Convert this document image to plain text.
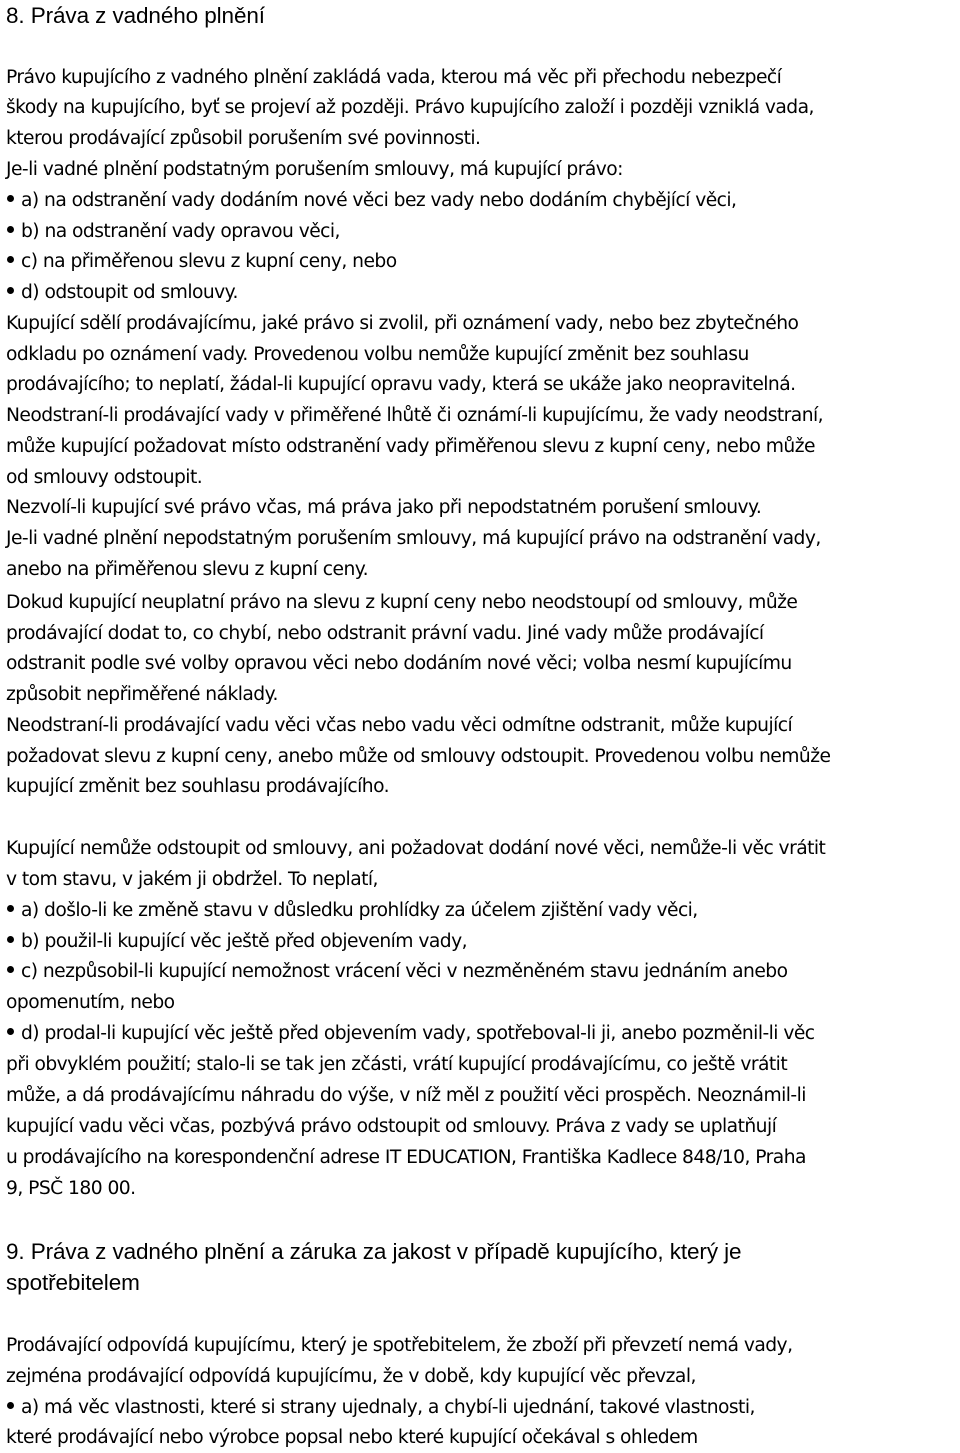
8. Práva z vadného plnění
Právo kupujícího z vadného plnění zakládá vada, kterou má věc při přechodu nebezpečí
škody na kupujícího, byť se projeví až později. Právo kupujícího založí i později vzniklá vada,
kterou prodávající způsobil porušením své povinnosti.
Je-li vadné plnění podstatným porušením smlouvy, má kupující právo:
a) na odstranění vady dodáním nové věci bez vady nebo dodáním chybějící věci,
b) na odstranění vady opravou věci,
c) na přiměřenou slevu z kupní ceny, nebo
d) odstoupit od smlouvy.
Kupující sdělí prodávajícímu, jaké právo si zvolil, při oznámení vady, nebo bez zbytečného
odkladu po oznámení vady. Provedenou volbu nemůže kupující změnit bez souhlasu
prodávajícího; to neplatí, žádal-li kupující opravu vady, která se ukáže jako neopravitelná.
Neodstraní-li prodávající vady v přiměřené lhůtě či oznámí-li kupujícímu, že vady neodstraní,
může kupující požadovat místo odstranění vady přiměřenou slevu z kupní ceny, nebo může
od smlouvy odstoupit.
Nezvolí-li kupující své právo včas, má práva jako při nepodstatném porušení smlouvy.
Je-li vadné plnění nepodstatným porušením smlouvy, má kupující právo na odstranění vady,
anebo na přiměřenou slevu z kupní ceny.
Dokud kupující neuplatní právo na slevu z kupní ceny nebo neodstoupí od smlouvy, může
prodávající dodat to, co chybí, nebo odstranit právní vadu. Jiné vady může prodávající
odstranit podle své volby opravou věci nebo dodáním nové věci; volba nesmí kupujícímu
způsobit nepřiměřené náklady.
Neodstraní-li prodávající vadu věci včas nebo vadu věci odmítne odstranit, může kupující
požadovat slevu z kupní ceny, anebo může od smlouvy odstoupit. Provedenou volbu nemůže
kupující změnit bez souhlasu prodávajícího.
Kupující nemůže odstoupit od smlouvy, ani požadovat dodání nové věci, nemůže-li věc vrátit
v tom stavu, v jakém ji obdržel. To neplatí,
a) došlo-li ke změně stavu v důsledku prohlídky za účelem zjištění vady věci,
b) použil-li kupující věc ještě před objevením vady,
c) nezpůsobil-li kupující nemožnost vrácení věci v nezměněném stavu jednáním anebo
opomenutím, nebo
d) prodal-li kupující věc ještě před objevením vady, spotřeboval-li ji, anebo pozměnil-li věc
při obvyklém použití; stalo-li se tak jen zčásti, vrátí kupující prodávajícímu, co ještě vrátit
může, a dá prodávajícímu náhradu do výše, v níž měl z použití věci prospěch. Neoznámil-li
kupující vadu věci včas, pozbývá právo odstoupit od smlouvy. Práva z vady se uplatňují
u prodávajícího na korespondenční adrese IT EDUCATION, Františka Kadlece 848/10, Praha
9, PSČ 180 00.
9. Práva z vadného plnění a záruka za jakost v případě kupujícího, který je
spotřebitelem
Prodávající odpovídá kupujícímu, který je spotřebitelem, že zboží při převzetí nemá vady,
zejména prodávající odpovídá kupujícímu, že v době, kdy kupující věc převzal,
a) má věc vlastnosti, které si strany ujednaly, a chybí-li ujednání, takové vlastnosti,
které prodávající nebo výrobce popsal nebo které kupující očekával s ohledem
